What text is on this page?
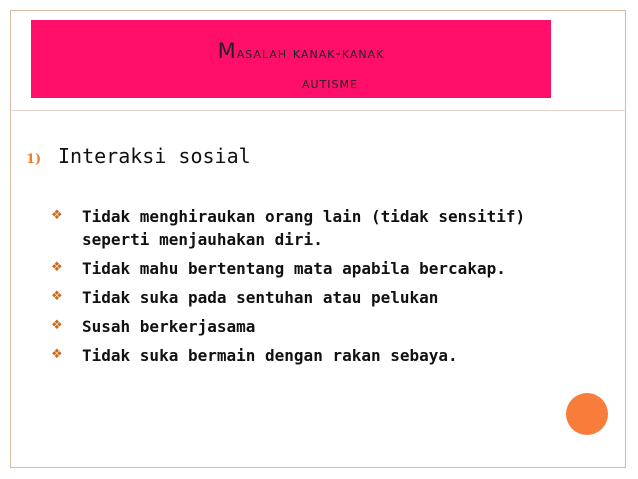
Masalah kanak-kanak
autisme
1) Interaksi sosial
❖
Tidak menghiraukan orang lain (tidak sensitif)
seperti menjauhakan diri.
❖
Tidak mahu bertentang mata apabila bercakap.
❖
Tidak suka pada sentuhan atau pelukan
❖
Susah berkerjasama
❖
Tidak suka bermain dengan rakan sebaya.
